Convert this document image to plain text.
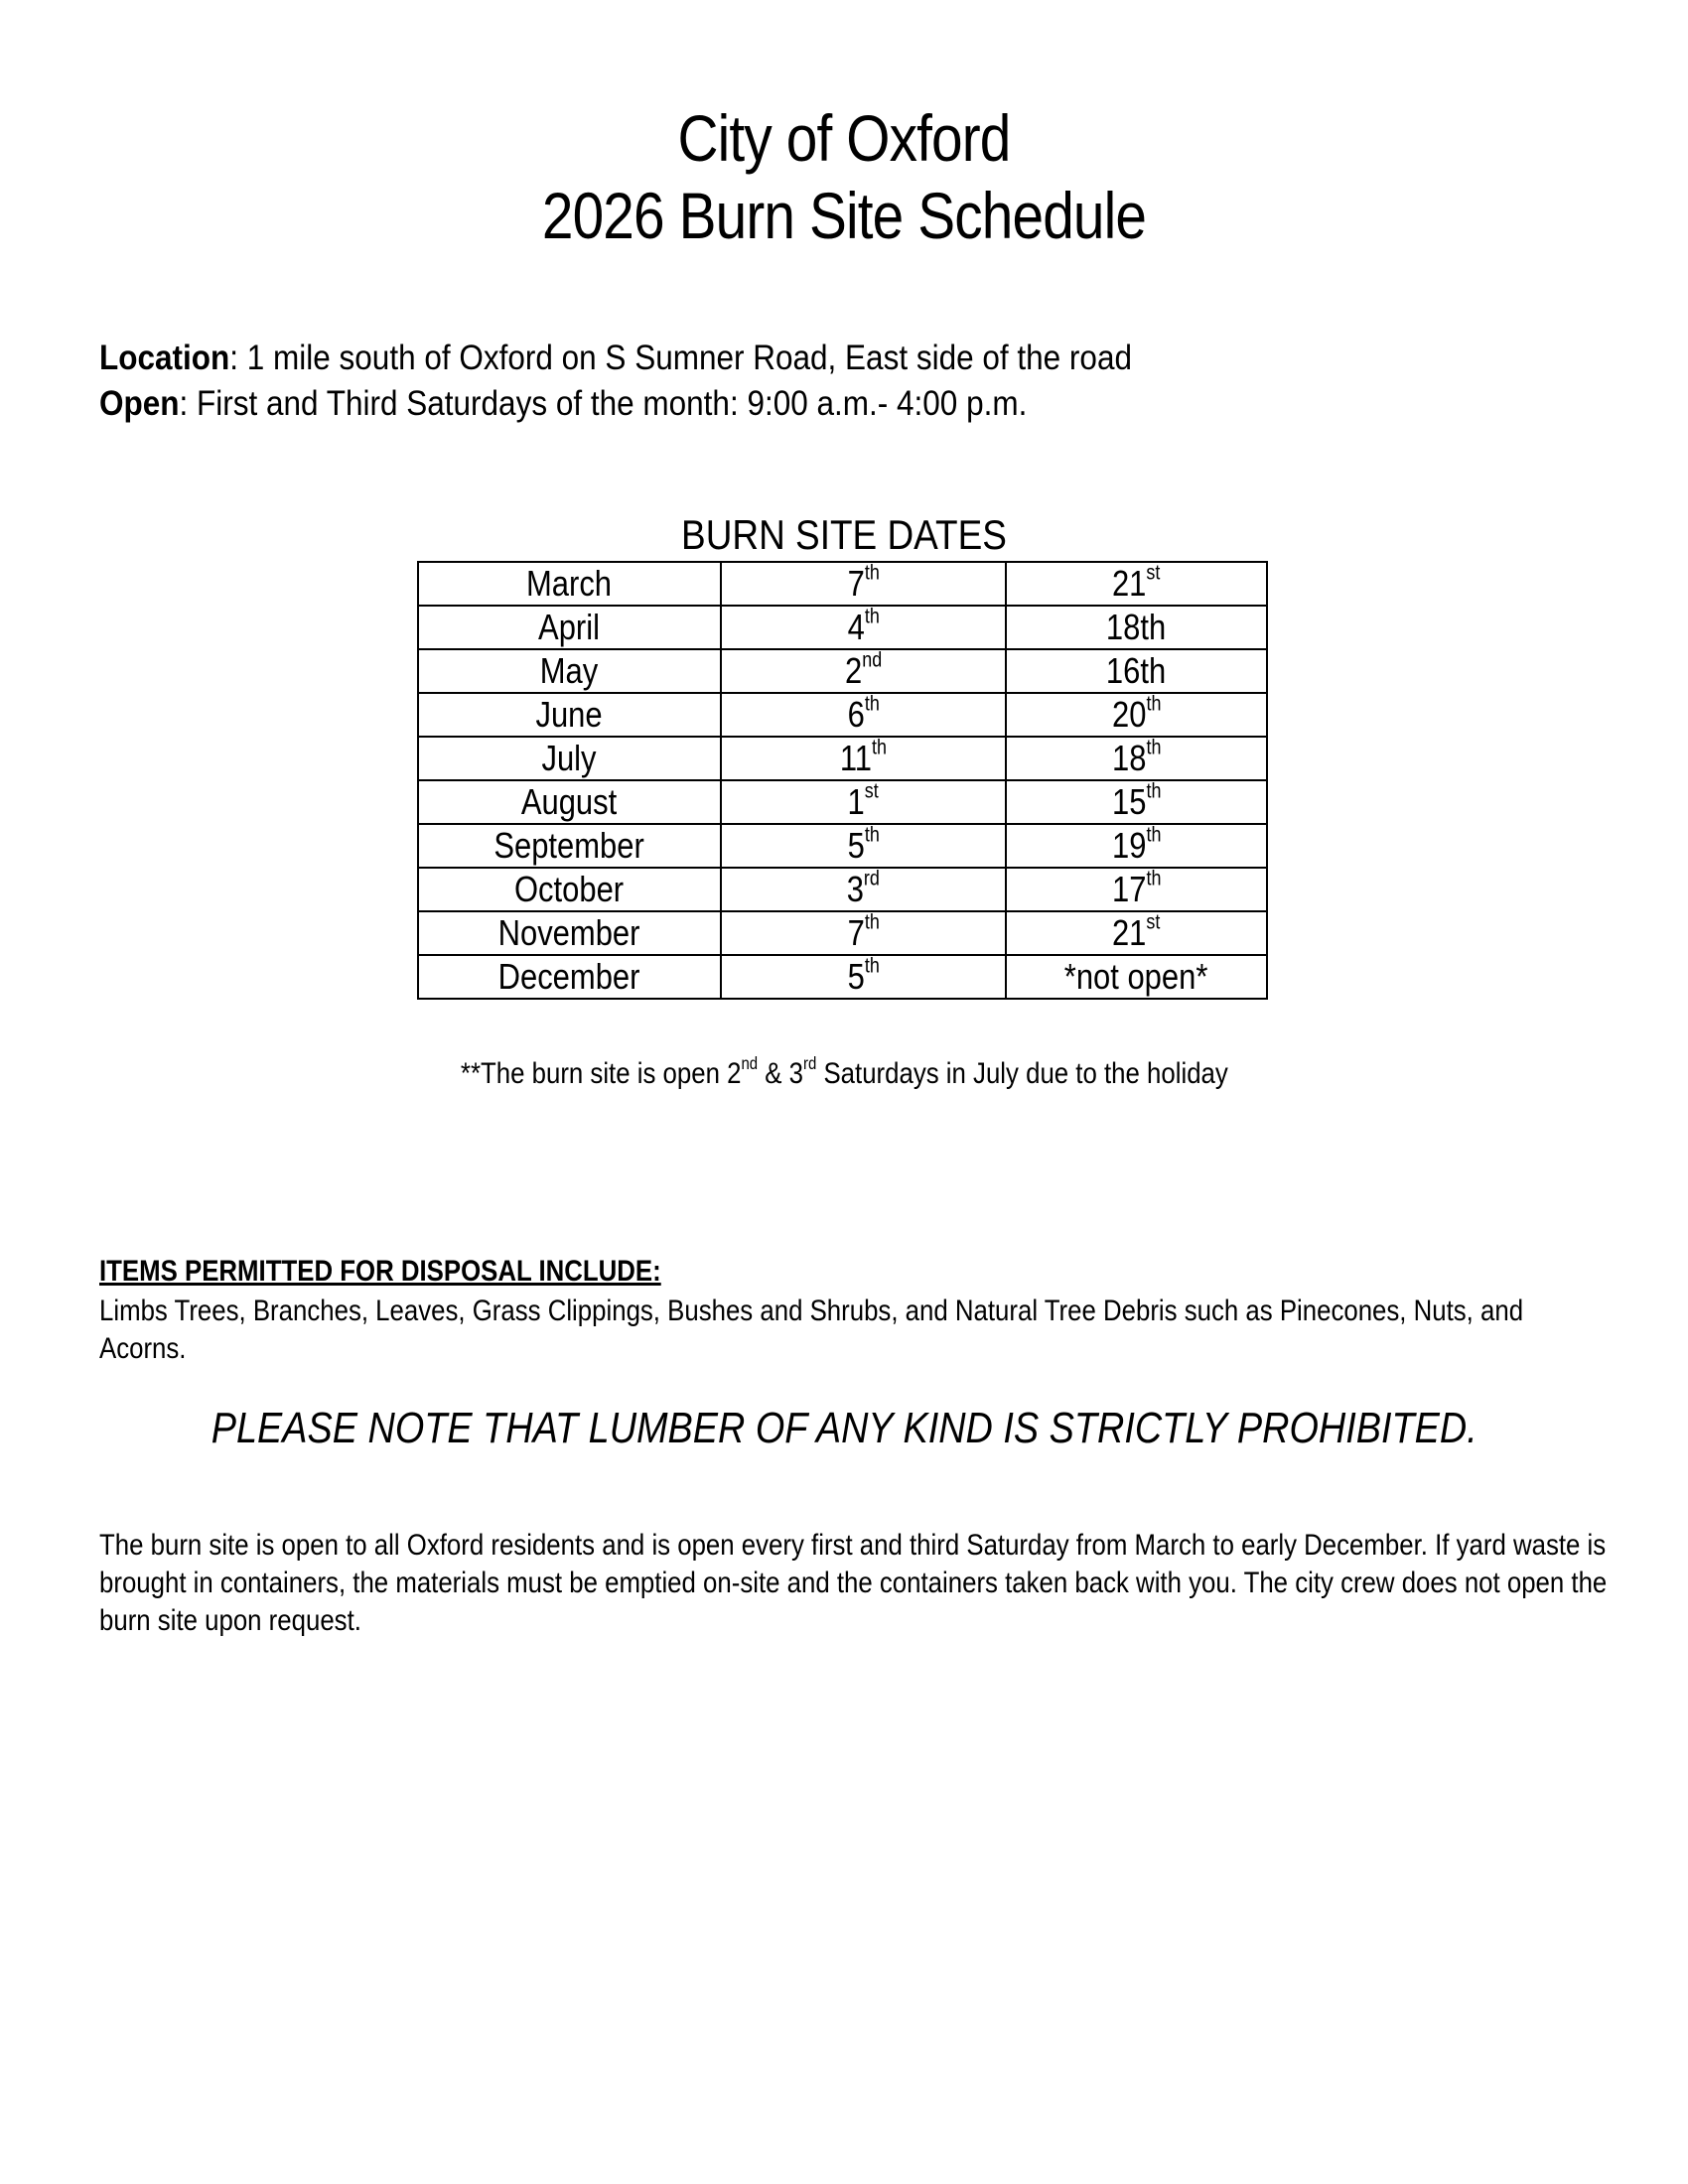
City of Oxford
2026 Burn Site Schedule
Location: 1 mile south of Oxford on S Sumner Road, East side of the road
Open: First and Third Saturdays of the month: 9:00 a.m.- 4:00 p.m.
BURN SITE DATES
March	7th	21st
April	4th	18th
May	2nd	16th
June	6th	20th
July	11th	18th
August	1st	15th
September	5th	19th
October	3rd	17th
November	7th	21st
December	5th	*not open*
**The burn site is open 2nd & 3rd Saturdays in July due to the holiday
ITEMS PERMITTED FOR DISPOSAL INCLUDE:
Limbs Trees, Branches, Leaves, Grass Clippings, Bushes and Shrubs, and Natural Tree Debris such as Pinecones, Nuts, and Acorns.
PLEASE NOTE THAT LUMBER OF ANY KIND IS STRICTLY PROHIBITED.
The burn site is open to all Oxford residents and is open every first and third Saturday from March to early December. If yard waste is brought in containers, the materials must be emptied on-site and the containers taken back with you. The city crew does not open the burn site upon request.
